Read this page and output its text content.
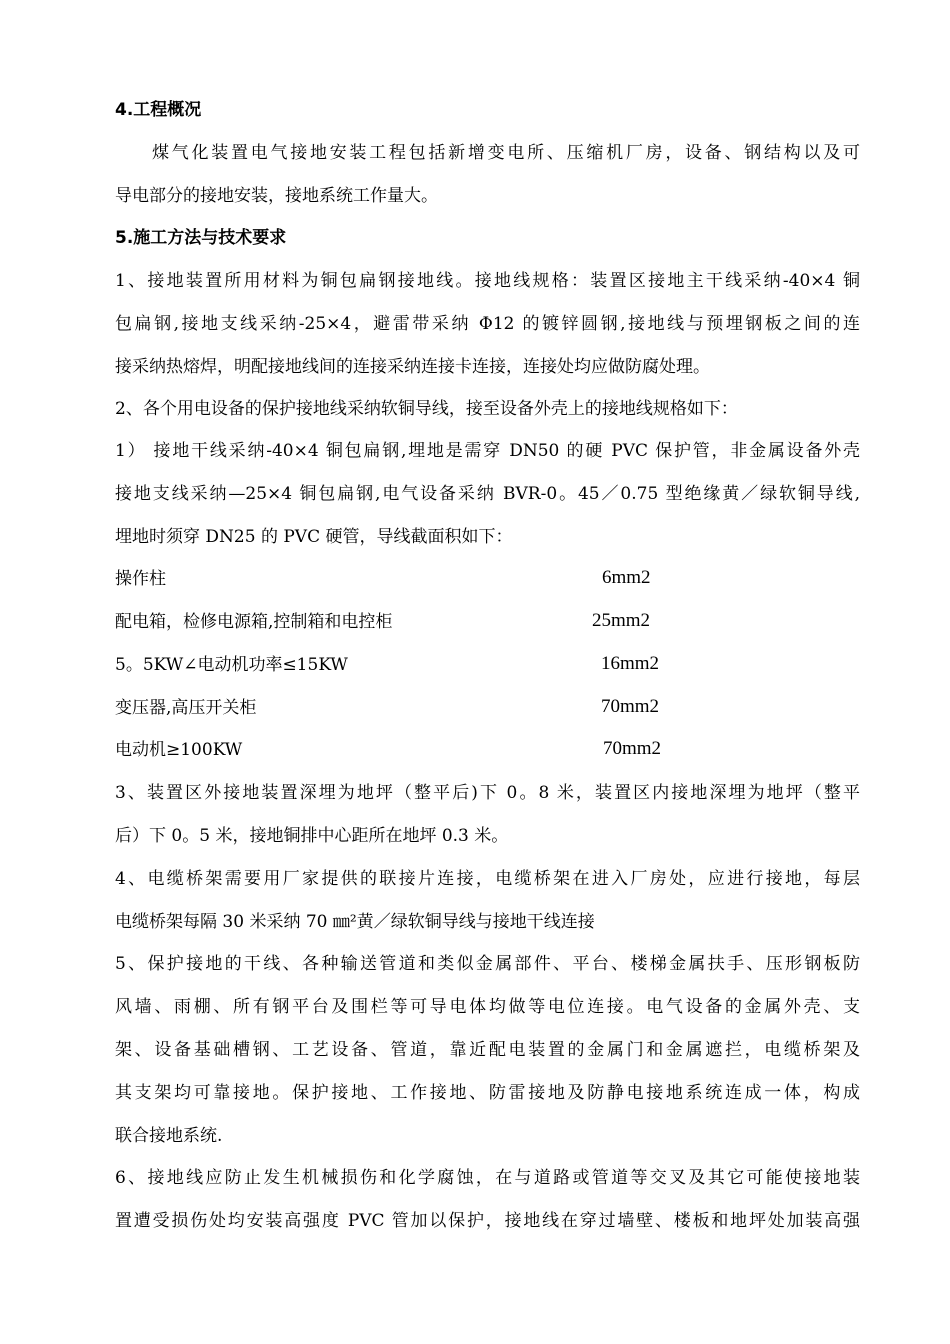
4.工程概况
煤气化装置电气接地安装工程包括新增变电所、压缩机厂房，设备、钢结构以及可
导电部分的接地安装，接地系统工作量大。
5.施工方法与技术要求
1、接地装置所用材料为铜包扁钢接地线。接地线规格：装置区接地主干线采纳-40×4 铜
包扁钢,接地支线采纳-25×4，避雷带采纳 Φ12 的镀锌圆钢,接地线与预埋钢板之间的连
接采纳热熔焊，明配接地线间的连接采纳连接卡连接，连接处均应做防腐处理。
2、各个用电设备的保护接地线采纳软铜导线，接至设备外壳上的接地线规格如下：
1） 接地干线采纳-40×4 铜包扁钢,埋地是需穿 DN50 的硬 PVC 保护管，非金属设备外壳
接地支线采纳—25×4 铜包扁钢,电气设备采纳 BVR-0。45／0.75 型绝缘黄／绿软铜导线,
埋地时须穿 DN25 的 PVC 硬管，导线截面积如下：
操作柱	6mm2
配电箱，检修电源箱,控制箱和电控柜	25mm2
5。5KW∠电动机功率≤15KW	16mm2
变压器,高压开关柜	70mm2
电动机≥100KW	70mm2
3、装置区外接地装置深埋为地坪（整平后)下 0。8 米，装置区内接地深埋为地坪（整平
后）下 0。5 米，接地铜排中心距所在地坪 0.3 米。
4、电缆桥架需要用厂家提供的联接片连接，电缆桥架在进入厂房处，应进行接地，每层
电缆桥架每隔 30 米采纳 70 ㎜²黄／绿软铜导线与接地干线连接
5、保护接地的干线、各种输送管道和类似金属部件、平台、楼梯金属扶手、压形钢板防
风墙、雨棚、所有钢平台及围栏等可导电体均做等电位连接。电气设备的金属外壳、支
架、设备基础槽钢、工艺设备、管道，靠近配电装置的金属门和金属遮拦，电缆桥架及
其支架均可靠接地。保护接地、工作接地、防雷接地及防静电接地系统连成一体，构成
联合接地系统.
6、接地线应防止发生机械损伤和化学腐蚀，在与道路或管道等交叉及其它可能使接地装
置遭受损伤处均安装高强度 PVC 管加以保护，接地线在穿过墙壁、楼板和地坪处加装高强
